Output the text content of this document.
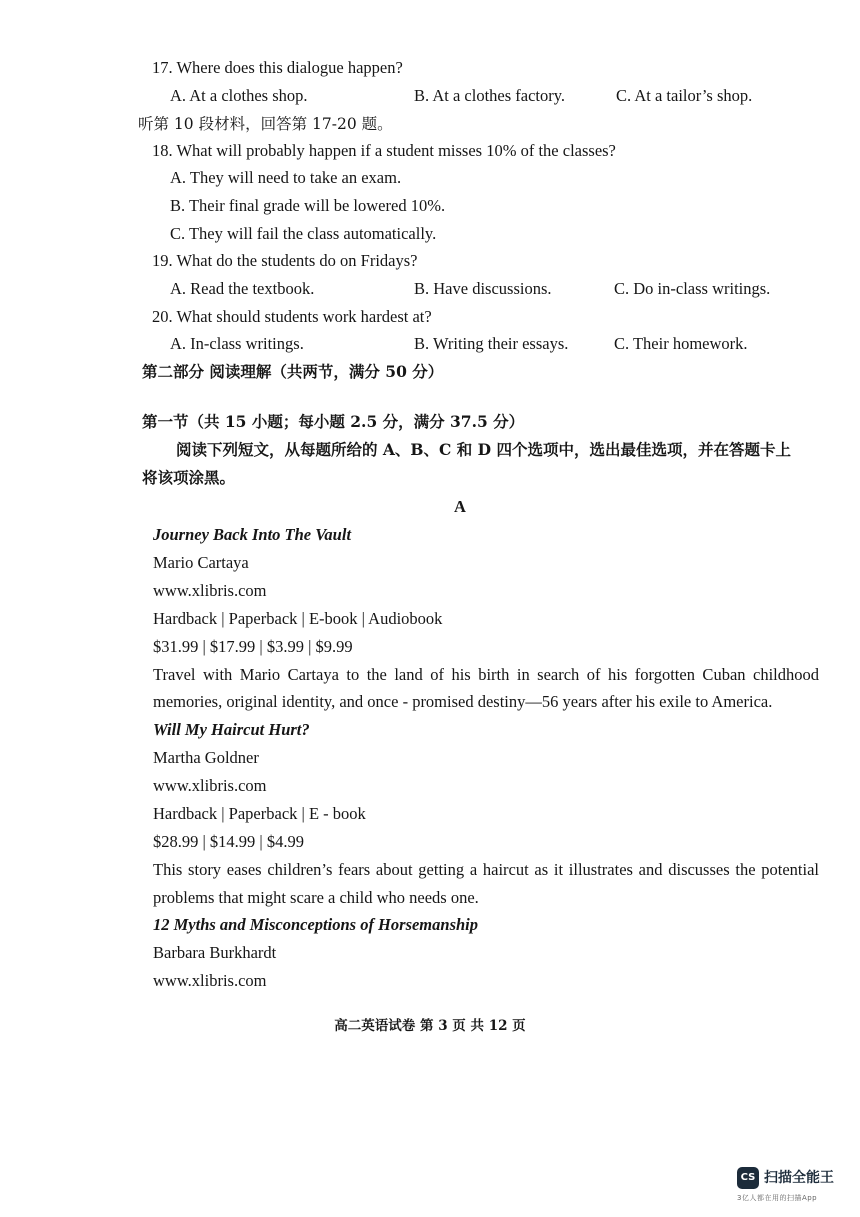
17. Where does this dialogue happen?
A. At a clothes shop.	B. At a clothes factory.	C. At a tailor’s shop.
听第 10 段材料，回答第 17-20 题。
18. What will probably happen if a student misses 10% of the classes?
A. They will need to take an exam.
B. Their final grade will be lowered 10%.
C. They will fail the class automatically.
19. What do the students do on Fridays?
A. Read the textbook.	B. Have discussions.	C. Do in-class writings.
20. What should students work hardest at?
A. In-class writings.	B. Writing their essays.	C. Their homework.
第二部分 阅读理解（共两节，满分 50 分）
第一节（共 15 小题；每小题 2.5 分，满分 37.5 分）
阅读下列短文，从每题所给的 A、B、C 和 D 四个选项中，选出最佳选项，并在答题卡上
将该项涂黑。
A
Journey Back Into The Vault
Mario Cartaya
www.xlibris.com
Hardback | Paperback | E-book | Audiobook
$31.99 | $17.99 | $3.99 | $9.99
Travel with Mario Cartaya to the land of his birth in search of his forgotten Cuban childhood
memories, original identity, and once - promised destiny—56 years after his exile to America.
Will My Haircut Hurt?
Martha Goldner
www.xlibris.com
Hardback | Paperback | E - book
$28.99 | $14.99 | $4.99
This story eases children’s fears about getting a haircut as it illustrates and discusses the potential
problems that might scare a child who needs one.
12 Myths and Misconceptions of Horsemanship
Barbara Burkhardt
www.xlibris.com
高二英语试卷 第 3 页 共 12 页
CS 扫描全能王
3亿人都在用的扫描App
